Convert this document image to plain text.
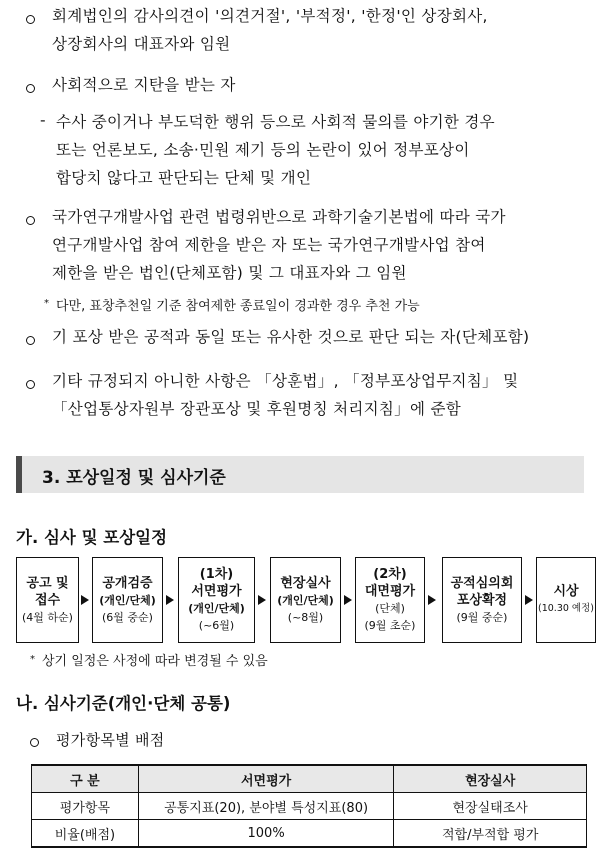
회계법인의 감사의견이 '의견거절', '부적정', '한정'인 상장회사,
상장회사의 대표자와 임원
사회적으로 지탄을 받는 자
- 수사 중이거나 부도덕한 행위 등으로 사회적 물의를 야기한 경우
또는 언론보도, 소송·민원 제기 등의 논란이 있어 정부포상이
합당치 않다고 판단되는 단체 및 개인
국가연구개발사업 관련 법령위반으로 과학기술기본법에 따라 국가
연구개발사업 참여 제한을 받은 자 또는 국가연구개발사업 참여
제한을 받은 법인(단체포함) 및 그 대표자와 그 임원
* 다만, 표창추천일 기준 참여제한 종료일이 경과한 경우 추천 가능
기 포상 받은 공적과 동일 또는 유사한 것으로 판단 되는 자(단체포함)
기타 규정되지 아니한 사항은 「상훈법」, 「정부포상업무지침」 및
「산업통상자원부 장관포상 및 후원명칭 처리지침」에 준함
3. 포상일정 및 심사기준
가. 심사 및 포상일정
공고 및
접수
(4월 하순)
공개검증
(개인/단체)
(6월 중순)
(1차)
서면평가
(개인/단체)
(~6월)
현장실사
(개인/단체)
(~8월)
(2차)
대면평가
(단체)
(9월 초순)
공적심의회
포상확정
(9월 중순)
시상
(10.30 예정)
* 상기 일정은 사정에 따라 변경될 수 있음
나. 심사기준(개인·단체 공통)
평가항목별 배점
구 분	서면평가	현장실사
평가항목	공통지표(20), 분야별 특성지표(80)	현장실태조사
비율(배점)	100%	적합/부적합 평가
